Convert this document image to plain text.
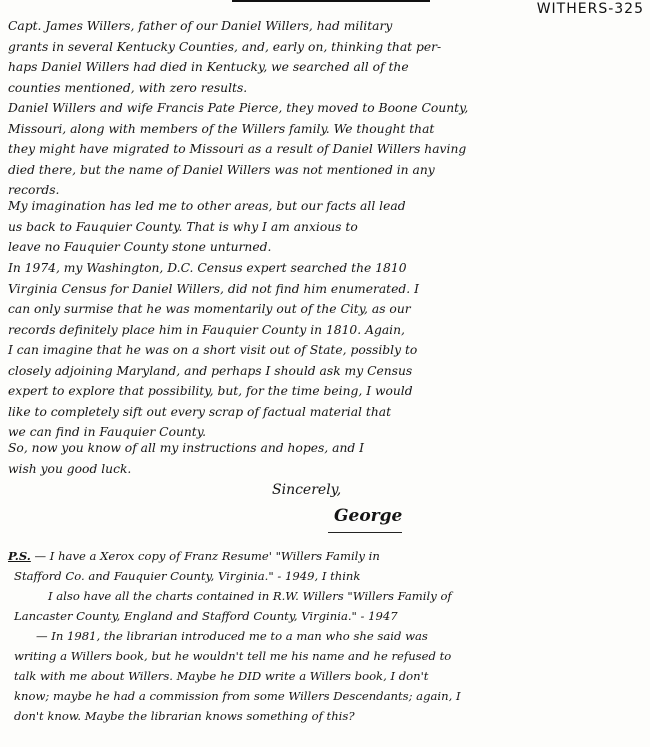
WITHERS-325
Capt. James Willers, father of our Daniel Willers, had military
grants in several Kentucky Counties, and, early on, thinking that per-
haps Daniel Willers had died in Kentucky, we searched all of the
counties mentioned, with zero results.
Daniel Willers and wife Francis Pate Pierce, they moved to Boone County,
Missouri, along with members of the Willers family. We thought that
they might have migrated to Missouri as a result of Daniel Willers having
died there, but the name of Daniel Willers was not mentioned in any
records.
My imagination has led me to other areas, but our facts all lead
us back to Fauquier County. That is why I am anxious to
leave no Fauquier County stone unturned.
In 1974, my Washington, D.C. Census expert searched the 1810
Virginia Census for Daniel Willers, did not find him enumerated. I
can only surmise that he was momentarily out of the City, as our
records definitely place him in Fauquier County in 1810. Again,
I can imagine that he was on a short visit out of State, possibly to
closely adjoining Maryland, and perhaps I should ask my Census
expert to explore that possibility, but, for the time being, I would
like to completely sift out every scrap of factual material that
we can find in Fauquier County.
So, now you know of all my instructions and hopes, and I
wish you good luck.
Sincerely,
George
P.S. — I have a Xerox copy of Franz Resume' "Willers Family in
Stafford Co. and Fauquier County, Virginia." - 1949, I think
I also have all the charts contained in R.W. Willers "Willers Family of
Lancaster County, England and Stafford County, Virginia." - 1947
— In 1981, the librarian introduced me to a man who she said was
writing a Willers book, but he wouldn't tell me his name and he refused to
talk with me about Willers. Maybe he DID write a Willers book, I don't
know; maybe he had a commission from some Willers Descendants; again, I
don't know. Maybe the librarian knows something of this?
